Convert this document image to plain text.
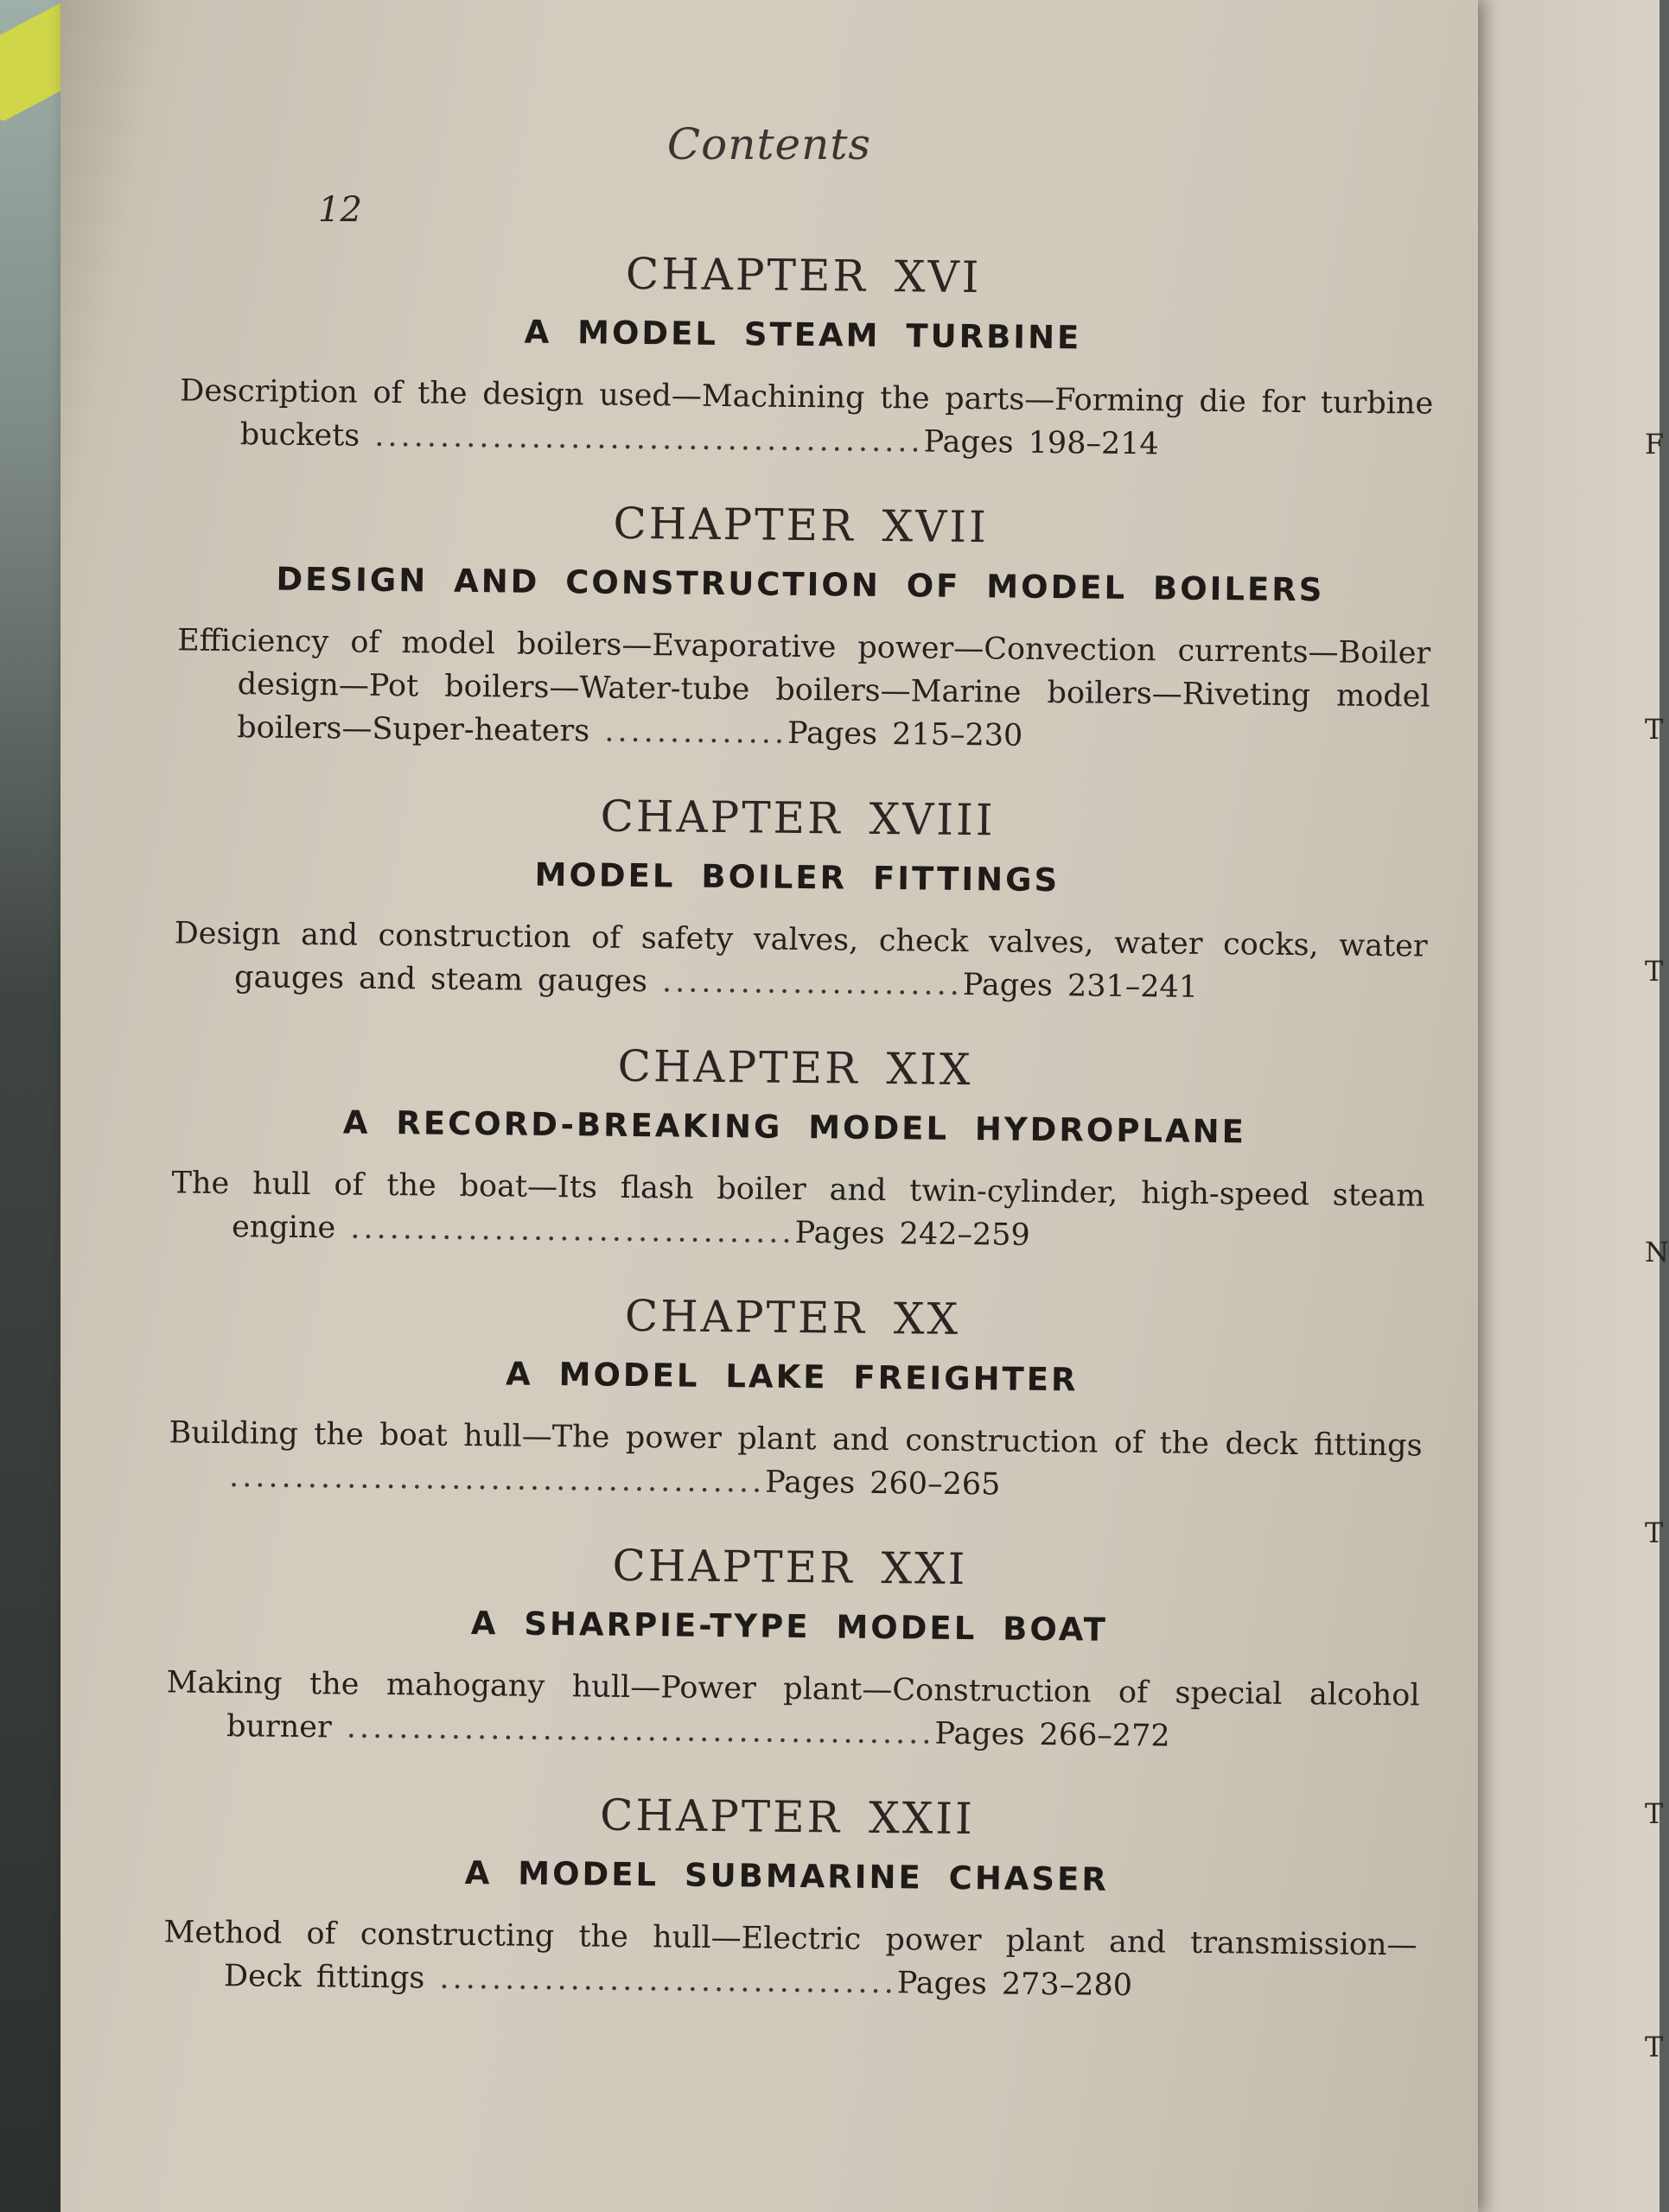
F
T
T
N
T
T
T
Contents
12
CHAPTER XVI
A MODEL STEAM TURBINE

Description of the design used—Machining the parts—Forming die for turbine buckets ..........................................Pages 198–214

CHAPTER XVII
DESIGN AND CONSTRUCTION OF MODEL BOILERS

Efficiency of model boilers—Evaporative power—Convection currents—Boiler design—Pot boilers—Water-tube boilers—Marine boilers—Riveting model boilers—Super-heaters ..............Pages 215–230

CHAPTER XVIII
MODEL BOILER FITTINGS

Design and construction of safety valves, check valves, water cocks, water gauges and steam gauges .......................Pages 231–241

CHAPTER XIX
A RECORD-BREAKING MODEL HYDROPLANE

The hull of the boat—Its flash boiler and twin-cylinder, high-speed steam engine ..................................Pages 242–259

CHAPTER XX
A MODEL LAKE FREIGHTER

Building the boat hull—The power plant and construction of the deck fittings .........................................Pages 260–265

CHAPTER XXI
A SHARPIE-TYPE MODEL BOAT

Making the mahogany hull—Power plant—Construction of special alcohol burner .............................................Pages 266–272

CHAPTER XXII
A MODEL SUBMARINE CHASER

Method of constructing the hull—Electric power plant and transmission—Deck fittings ...................................Pages 273–280
